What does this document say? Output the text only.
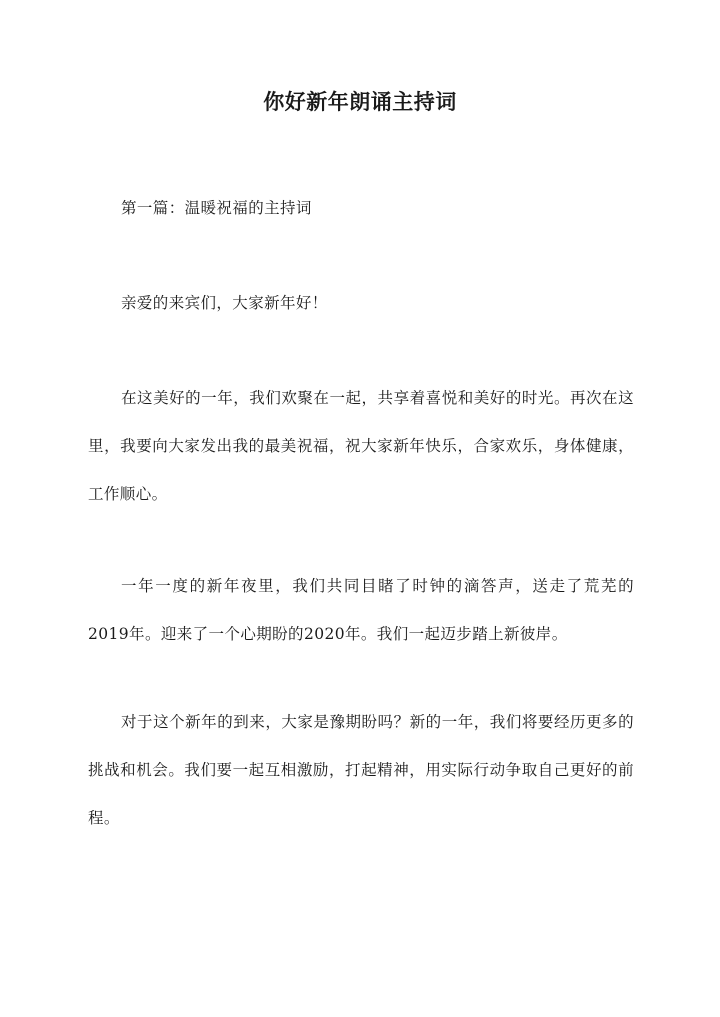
你好新年朗诵主持词

第一篇：温暖祝福的主持词

亲爱的来宾们，大家新年好！

在这美好的一年，我们欢聚在一起，共享着喜悦和美好的时光。再次在这里，我要向大家发出我的最美祝福，祝大家新年快乐，合家欢乐，身体健康，工作顺心。

一年一度的新年夜里，我们共同目睹了时钟的滴答声，送走了荒芜的2019年。迎来了一个心期盼的2020年。我们一起迈步踏上新彼岸。

对于这个新年的到来，大家是豫期盼吗？新的一年，我们将要经历更多的挑战和机会。我们要一起互相激励，打起精神，用实际行动争取自己更好的前程。
